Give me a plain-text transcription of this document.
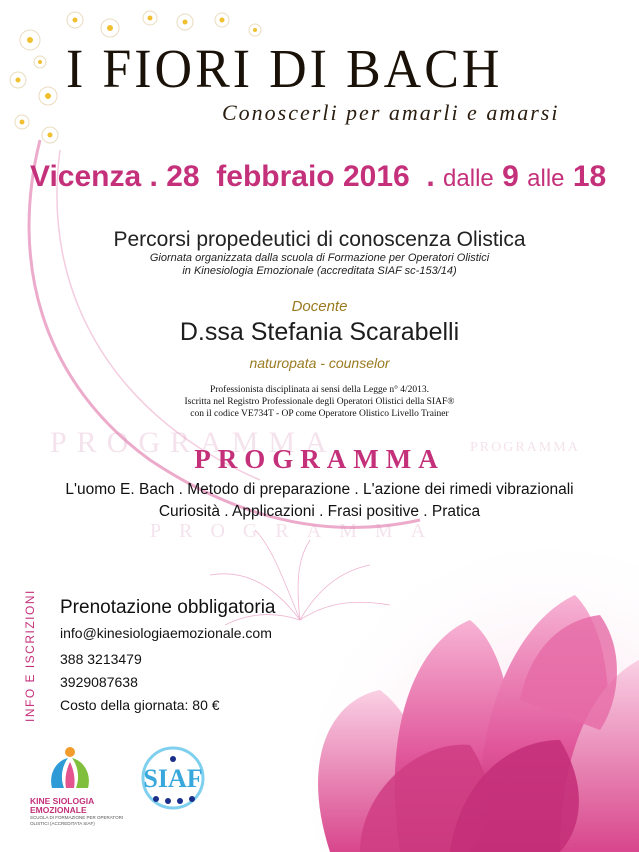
I FIORI DI BACH
Conoscerli per amarli e amarsi
Vicenza . 28 febbraio 2016 . dalle 9 alle 18
Percorsi propedeutici di conoscenza Olistica
Giornata organizzata dalla scuola di Formazione per Operatori Olistici
in Kinesiologia Emozionale (accreditata SIAF sc-153/14)
Docente
D.ssa Stefania Scarabelli
naturopata - counselor
Professionista disciplinata ai sensi della Legge n° 4/2013.
Iscritta nel Registro Professionale degli Operatori Olistici della SIAF®
con il codice VE734T - OP come Operatore Olistico Livello Trainer
PROGRAMMA	PROGRAMMA
PROGRAMMA
PROGRAMMA
L'uomo E. Bach . Metodo di preparazione . L'azione dei rimedi vibrazionali
Curiosità . Applicazioni . Frasi positive . Pratica
INFO E ISCRIZIONI Prenotazione obbligatoria
info@kinesiologiaemozionale.com
388 3213479
3929087638
Costo della giornata: 80 €
KINE SIOLOGIA
EMOZIONALE
SCUOLA DI FORMAZIONE PER OPERATORI
OLISTICI (ACCREDITATA SIAF)
SIAF
